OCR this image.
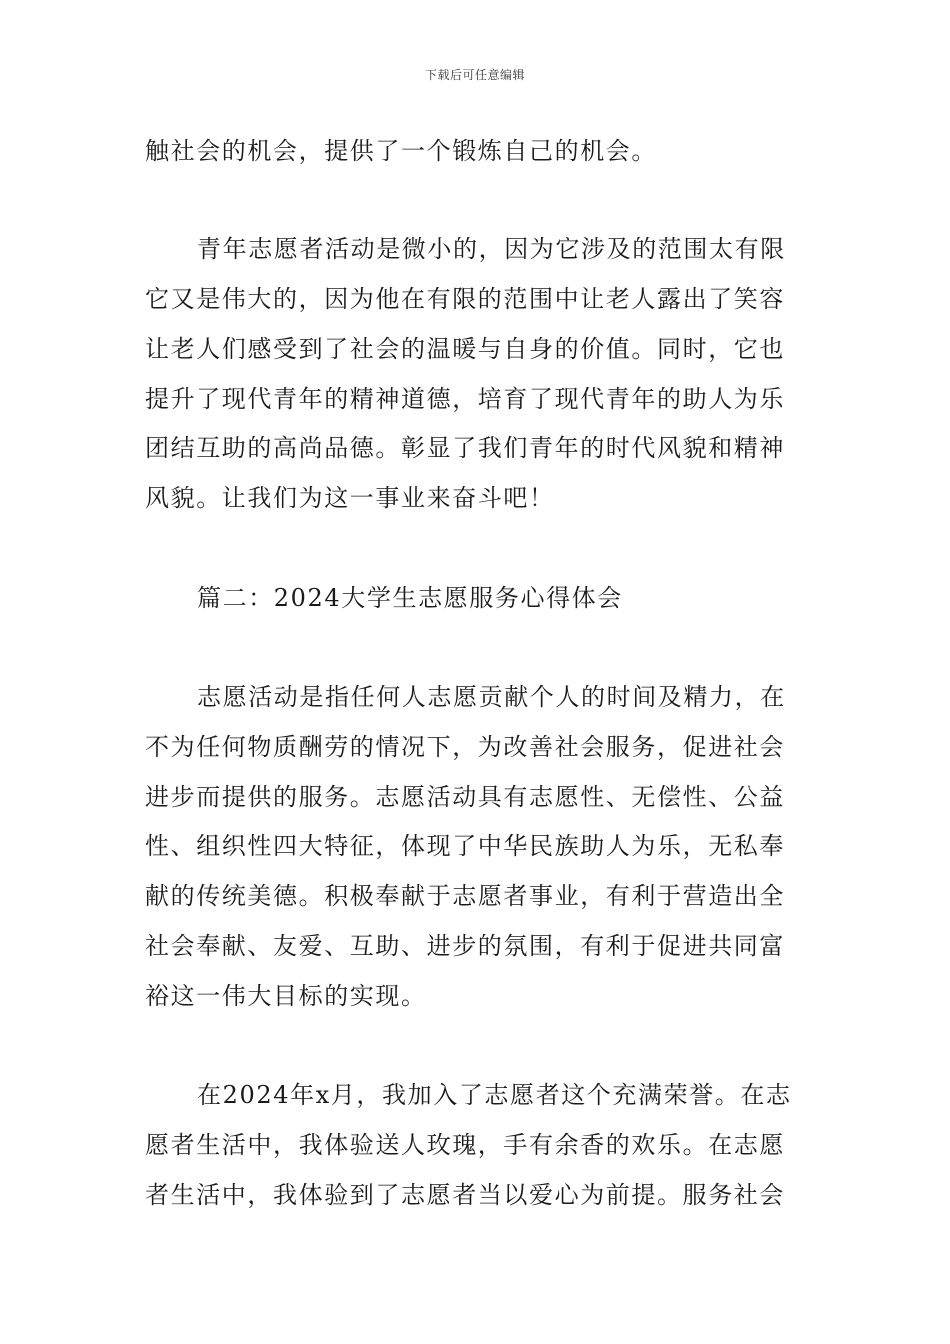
下载后可任意编辑
触社会的机会，提供了一个锻炼自己的机会。
青年志愿者活动是微小的，因为它涉及的范围太有限
它又是伟大的，因为他在有限的范围中让老人露出了笑容
让老人们感受到了社会的温暖与自身的价值。同时，它也
提升了现代青年的精神道德，培育了现代青年的助人为乐
团结互助的高尚品德。彰显了我们青年的时代风貌和精神
风貌。让我们为这一事业来奋斗吧！
篇二：2024大学生志愿服务心得体会
志愿活动是指任何人志愿贡献个人的时间及精力，在
不为任何物质酬劳的情况下，为改善社会服务，促进社会
进步而提供的服务。志愿活动具有志愿性、无偿性、公益
性、组织性四大特征，体现了中华民族助人为乐，无私奉
献的传统美德。积极奉献于志愿者事业，有利于营造出全
社会奉献、友爱、互助、进步的氛围，有利于促进共同富
裕这一伟大目标的实现。
在2024年x月，我加入了志愿者这个充满荣誉。在志
愿者生活中，我体验送人玫瑰，手有余香的欢乐。在志愿
者生活中，我体验到了志愿者当以爱心为前提。服务社会
